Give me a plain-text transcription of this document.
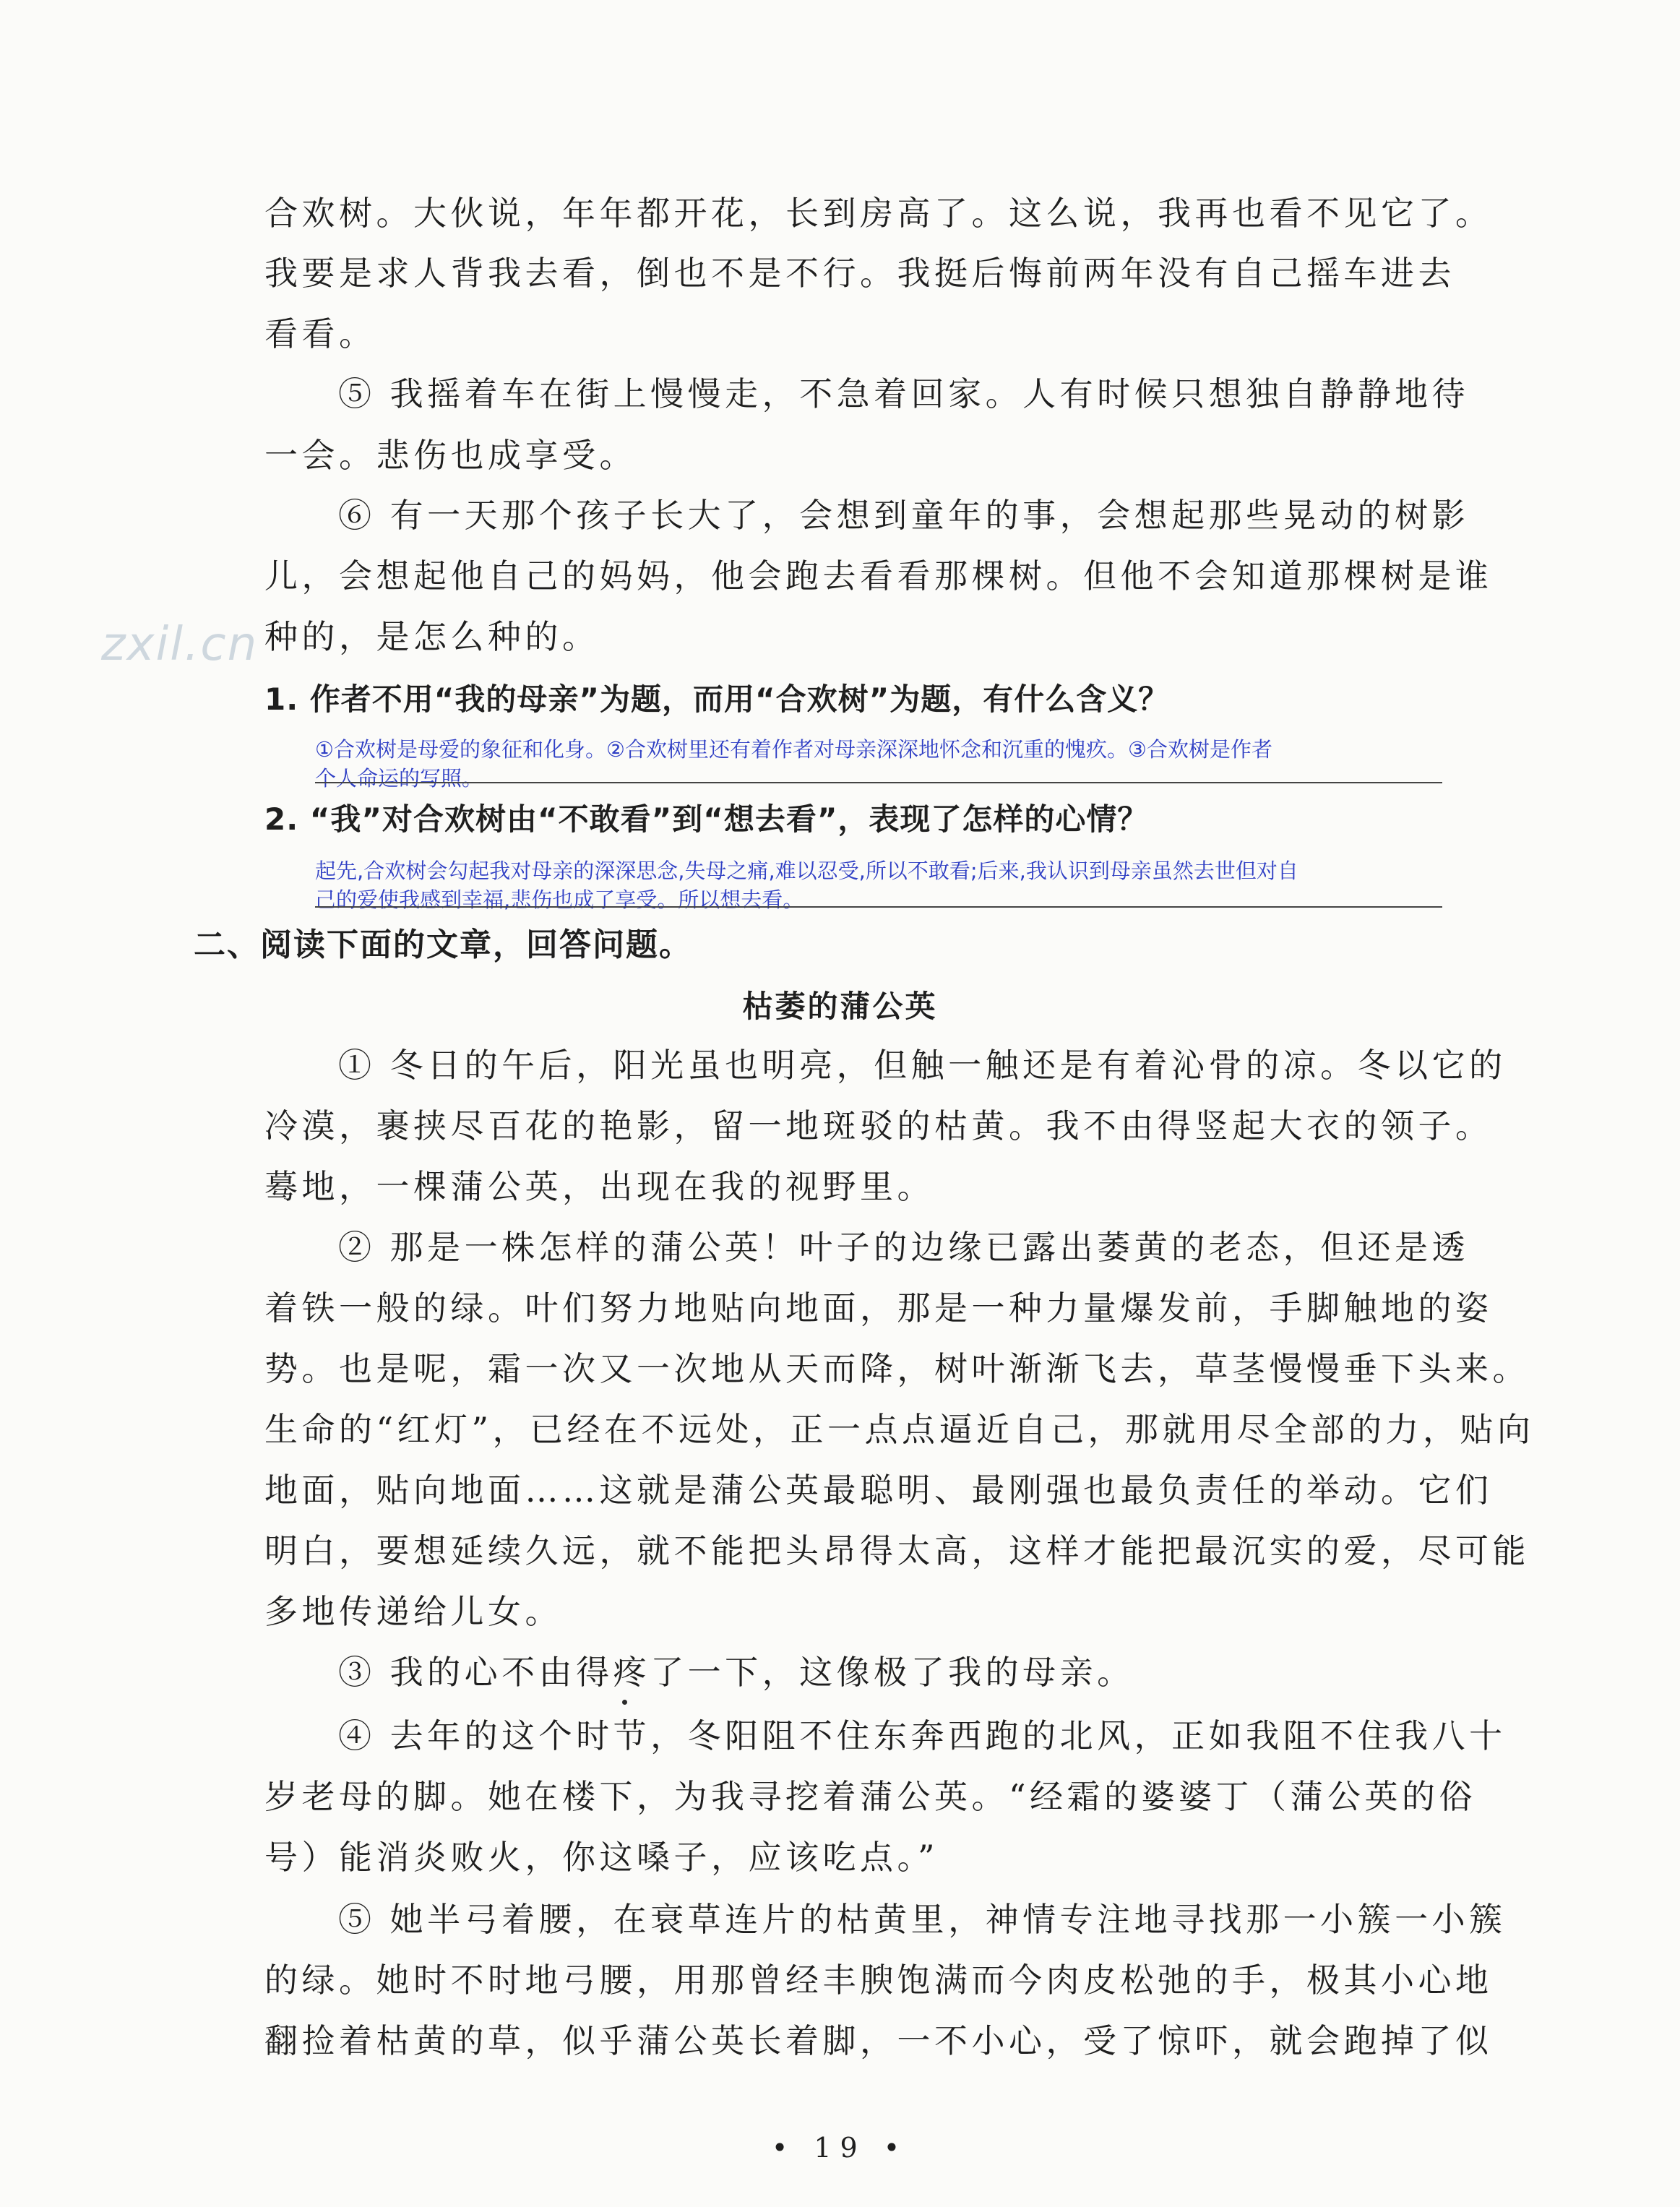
合欢树。大伙说，年年都开花，长到房高了。这么说，我再也看不见它了。

我要是求人背我去看，倒也不是不行。我挺后悔前两年没有自己摇车进去

看看。

⑤ 我摇着车在街上慢慢走，不急着回家。人有时候只想独自静静地待

一会。悲伤也成享受。

⑥ 有一天那个孩子长大了，会想到童年的事，会想起那些晃动的树影

儿，会想起他自己的妈妈，他会跑去看看那棵树。但他不会知道那棵树是谁

种的，是怎么种的。

zxil.cn

1. 作者不用“我的母亲”为题，而用“合欢树”为题，有什么含义？

①合欢树是母爱的象征和化身。②合欢树里还有着作者对母亲深深地怀念和沉重的愧疚。③合欢树是作者

个人命运的写照。

2. “我”对合欢树由“不敢看”到“想去看”，表现了怎样的心情？

起先,合欢树会勾起我对母亲的深深思念,失母之痛,难以忍受,所以不敢看;后来,我认识到母亲虽然去世但对自

己的爱使我感到幸福,悲伤也成了享受。所以想去看。

二、阅读下面的文章，回答问题。

枯萎的蒲公英

① 冬日的午后，阳光虽也明亮，但触一触还是有着沁骨的凉。冬以它的

冷漠，裹挟尽百花的艳影，留一地斑驳的枯黄。我不由得竖起大衣的领子。

蓦地，一棵蒲公英，出现在我的视野里。

② 那是一株怎样的蒲公英！叶子的边缘已露出萎黄的老态，但还是透

着铁一般的绿。叶们努力地贴向地面，那是一种力量爆发前，手脚触地的姿

势。也是呢，霜一次又一次地从天而降，树叶渐渐飞去，草茎慢慢垂下头来。

生命的“红灯”，已经在不远处，正一点点逼近自己，那就用尽全部的力，贴向

地面，贴向地面……这就是蒲公英最聪明、最刚强也最负责任的举动。它们

明白，要想延续久远，就不能把头昂得太高，这样才能把最沉实的爱，尽可能

多地传递给儿女。

③ 我的心不由得疼了一下，这像极了我的母亲。

④ 去年的这个时节，冬阳阻不住东奔西跑的北风，正如我阻不住我八十

岁老母的脚。她在楼下，为我寻挖着蒲公英。“经霜的婆婆丁（蒲公英的俗

号）能消炎败火，你这嗓子，应该吃点。”

⑤ 她半弓着腰，在衰草连片的枯黄里，神情专注地寻找那一小簇一小簇

的绿。她时不时地弓腰，用那曾经丰腴饱满而今肉皮松弛的手，极其小心地

翻捡着枯黄的草，似乎蒲公英长着脚，一不小心，受了惊吓，就会跑掉了似

• 19 •
